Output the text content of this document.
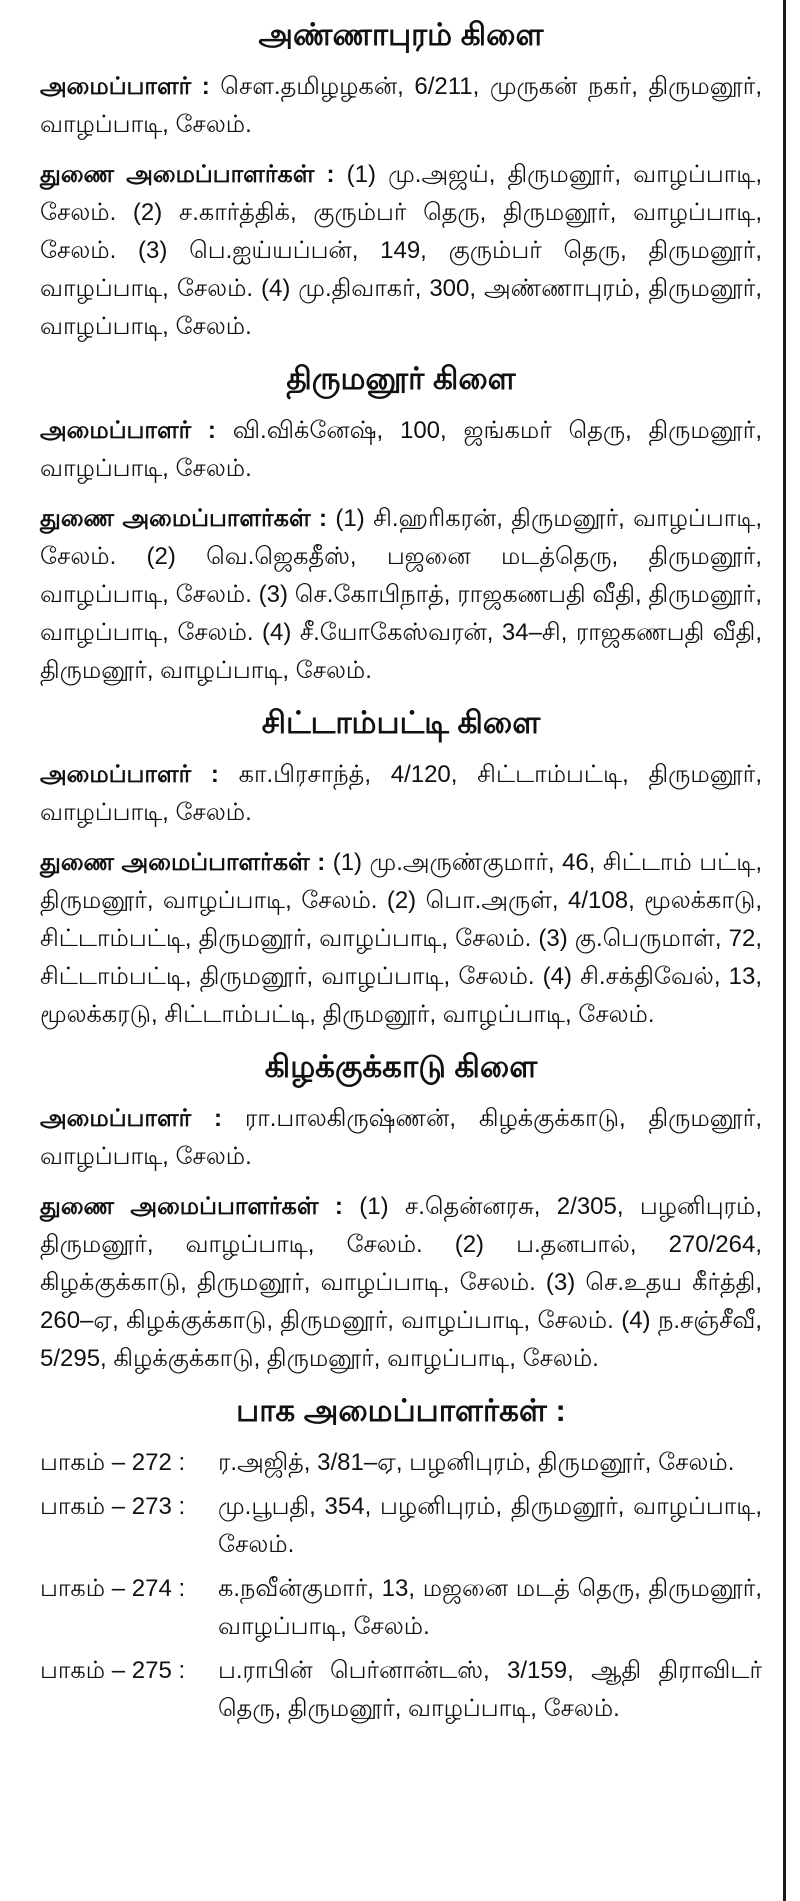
அண்ணாபுரம் கிளை

அமைப்பாளர் : செள.தமிழழகன், 6/211, முருகன் நகர், திருமனூர், வாழப்பாடி, சேலம்.

துணை அமைப்பாளர்கள் : (1) மு.அஜய், திருமனூர், வாழப்பாடி, சேலம். (2) ச.கார்த்திக், குரும்பர் தெரு, திருமனூர், வாழப்பாடி, சேலம். (3) பெ.ஐய்யப்பன், 149, குரும்பர் தெரு, திருமனூர், வாழப்பாடி, சேலம். (4) மு.திவாகர், 300, அண்ணாபுரம், திருமனூர், வாழப்பாடி, சேலம்.

திருமனூர் கிளை

அமைப்பாளர் : வி.விக்னேஷ், 100, ஜங்கமர் தெரு, திருமனூர், வாழப்பாடி, சேலம்.

துணை அமைப்பாளர்கள் : (1) சி.ஹரிகரன், திருமனூர், வாழப்பாடி, சேலம். (2) வெ.ஜெகதீஸ், பஜனை மடத்தெரு, திருமனூர், வாழப்பாடி, சேலம். (3) செ.கோபிநாத், ராஜகணபதி வீதி, திருமனூர், வாழப்பாடி, சேலம். (4) சீ.யோகேஸ்வரன், 34–சி, ராஜகணபதி வீதி, திருமனூர், வாழப்பாடி, சேலம்.

சிட்டாம்பட்டி கிளை

அமைப்பாளர் : கா.பிரசாந்த், 4/120, சிட்டாம்பட்டி, திருமனூர், வாழப்பாடி, சேலம்.

துணை அமைப்பாளர்கள் : (1) மு.அருண்குமார், 46, சிட்டாம் பட்டி, திருமனூர், வாழப்பாடி, சேலம். (2) பொ.அருள், 4/108, மூலக்காடு, சிட்டாம்பட்டி, திருமனூர், வாழப்பாடி, சேலம். (3) கு.பெருமாள், 72, சிட்டாம்பட்டி, திருமனூர், வாழப்பாடி, சேலம். (4) சி.சக்திவேல், 13, மூலக்கரடு, சிட்டாம்பட்டி, திருமனூர், வாழப்பாடி, சேலம்.

கிழக்குக்காடு கிளை

அமைப்பாளர் : ரா.பாலகிருஷ்ணன், கிழக்குக்காடு, திருமனூர், வாழப்பாடி, சேலம்.

துணை அமைப்பாளர்கள் : (1) ச.தென்னரசு, 2/305, பழனிபுரம், திருமனூர், வாழப்பாடி, சேலம். (2) ப.தனபால், 270/264, கிழக்குக்காடு, திருமனூர், வாழப்பாடி, சேலம். (3) செ.உதய கீர்த்தி, 260–ஏ, கிழக்குக்காடு, திருமனூர், வாழப்பாடி, சேலம். (4) ந.சஞ்சீவீ, 5/295, கிழக்குக்காடு, திருமனூர், வாழப்பாடி, சேலம்.

பாக அமைப்பாளர்கள் :
பாகம் – 272 :	ர.அஜித், 3/81–ஏ, பழனிபுரம், திருமனூர், சேலம்.
பாகம் – 273 :	மு.பூபதி, 354, பழனிபுரம், திருமனூர், வாழப்பாடி, சேலம்.
பாகம் – 274 :	க.நவீன்குமார், 13, மஜனை மடத் தெரு, திருமனூர், வாழப்பாடி, சேலம்.
பாகம் – 275 :	ப.ராபின் பெர்னான்டஸ், 3/159, ஆதி திராவிடர் தெரு, திருமனூர், வாழப்பாடி, சேலம்.
